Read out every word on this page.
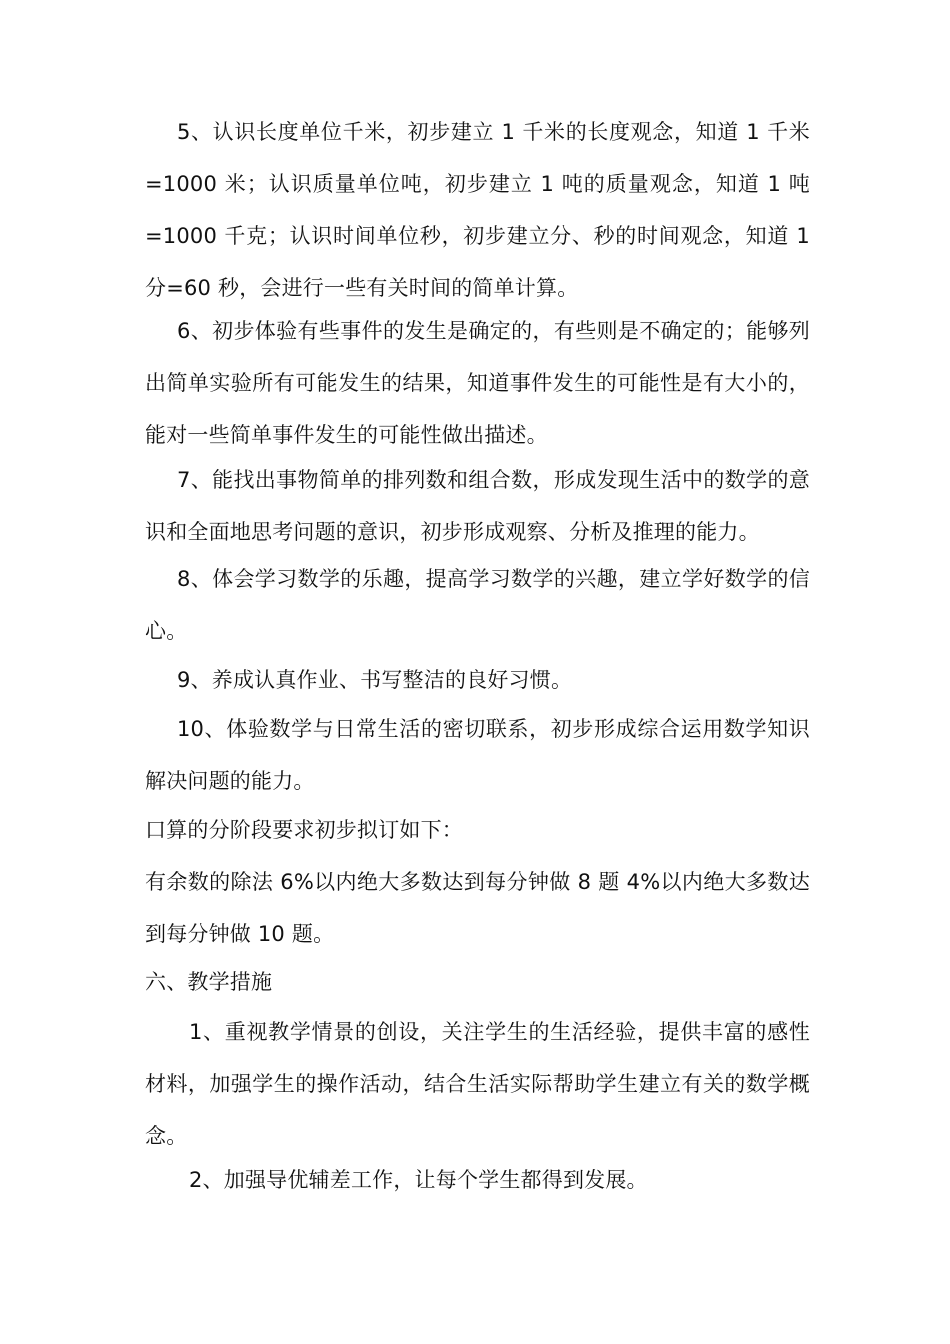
5、认识长度单位千米，初步建立 1 千米的长度观念，知道 1 千米=1000 米；认识质量单位吨，初步建立 1 吨的质量观念，知道 1 吨=1000 千克；认识时间单位秒，初步建立分、秒的时间观念，知道 1 分=60 秒，会进行一些有关时间的简单计算。

6、初步体验有些事件的发生是确定的，有些则是不确定的；能够列出简单实验所有可能发生的结果，知道事件发生的可能性是有大小的，能对一些简单事件发生的可能性做出描述。

7、能找出事物简单的排列数和组合数，形成发现生活中的数学的意识和全面地思考问题的意识，初步形成观察、分析及推理的能力。

8、体会学习数学的乐趣，提高学习数学的兴趣，建立学好数学的信心。

9、养成认真作业、书写整洁的良好习惯。

10、体验数学与日常生活的密切联系，初步形成综合运用数学知识解决问题的能力。

口算的分阶段要求初步拟订如下：

有余数的除法 6%以内绝大多数达到每分钟做 8 题 4%以内绝大多数达到每分钟做 10 题。

六、教学措施

1、重视教学情景的创设，关注学生的生活经验，提供丰富的感性材料，加强学生的操作活动，结合生活实际帮助学生建立有关的数学概念。

2、加强导优辅差工作，让每个学生都得到发展。
